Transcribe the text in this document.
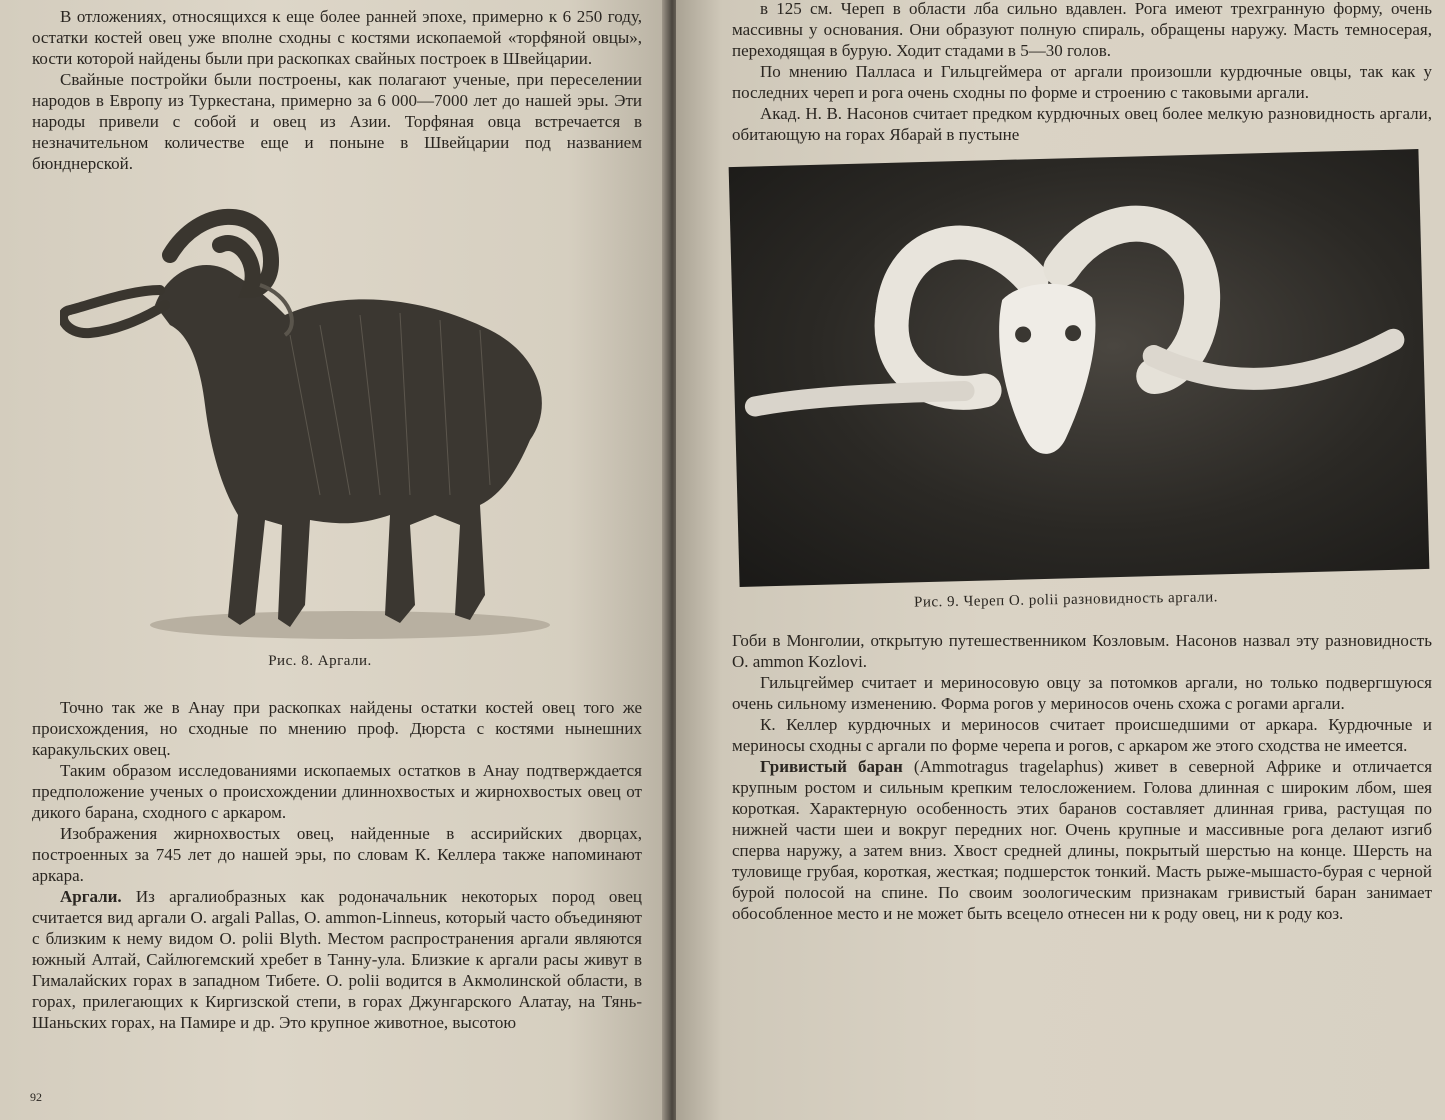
В отложениях, относящихся к еще более ранней эпохе, примерно к 6 250 году, остатки костей овец уже вполне сходны с костями ископаемой «торфяной овцы», кости которой найдены были при раскопках свайных построек в Швейцарии.

Свайные постройки были построены, как полагают ученые, при переселении народов в Европу из Туркестана, примерно за 6 000—7000 лет до нашей эры. Эти народы привели с собой и овец из Азии. Торфяная овца встречается в незначительном количестве еще и поныне в Швейцарии под названием бюнднерской.

Рис. 8. Аргали.

Точно так же в Анау при раскопках найдены остатки костей овец того же происхождения, но сходные по мнению проф. Дюрста с костями нынешних каракульских овец.

Таким образом исследованиями ископаемых остатков в Анау подтверждается предположение ученых о происхождении длиннохвостых и жирнохвостых овец от дикого барана, сходного с аркаром.

Изображения жирнохвостых овец, найденные в ассирийских дворцах, построенных за 745 лет до нашей эры, по словам К. Келлера также напоминают аркара.

Аргали. Из аргалиобразных как родоначальник некоторых пород овец считается вид аргали O. argali Pallas, O. ammon-Linneus, который часто объединяют с близким к нему видом O. polii Blyth. Местом распространения аргали являются южный Алтай, Сайлюгемский хребет в Танну-ула. Близкие к аргали расы живут в Гималайских горах в западном Тибете. O. polii водится в Акмолинской области, в горах, прилегающих к Киргизской степи, в горах Джунгарского Алатау, на Тянь-Шаньских горах, на Памире и др. Это крупное животное, высотою

92

в 125 см. Череп в области лба сильно вдавлен. Рога имеют трехгранную форму, очень массивны у основания. Они образуют полную спираль, обращены наружу. Масть темносерая, переходящая в бурую. Ходит стадами в 5—30 голов.

По мнению Палласа и Гильцгеймера от аргали произошли курдючные овцы, так как у последних череп и рога очень сходны по форме и строению с таковыми аргали.

Акад. Н. В. Насонов считает предком курдючных овец более мелкую разновидность аргали, обитающую на горах Ябарай в пустыне

Рис. 9. Череп O. polii разновидность аргали.

Гоби в Монголии, открытую путешественником Козловым. Насонов назвал эту разновидность O. ammon Kozlovi.

Гильцгеймер считает и мериносовую овцу за потомков аргали, но только подвергшуюся очень сильному изменению. Форма рогов у мериносов очень схожа с рогами аргали.

К. Келлер курдючных и мериносов считает происшедшими от аркара. Курдючные и мериносы сходны с аргали по форме черепа и рогов, с аркаром же этого сходства не имеется.

Гривистый баран (Ammotragus tragelaphus) живет в северной Африке и отличается крупным ростом и сильным крепким телосложением. Голова длинная с широким лбом, шея короткая. Характерную особенность этих баранов составляет длинная грива, растущая по нижней части шеи и вокруг передних ног. Очень крупные и массивные рога делают изгиб сперва наружу, а затем вниз. Хвост средней длины, покрытый шерстью на конце. Шерсть на туловище грубая, короткая, жесткая; подшерсток тонкий. Масть рыже-мышасто-бурая с черной бурой полосой на спине. По своим зоологическим признакам гривистый баран занимает обособленное место и не может быть всецело отнесен ни к роду овец, ни к роду коз.
